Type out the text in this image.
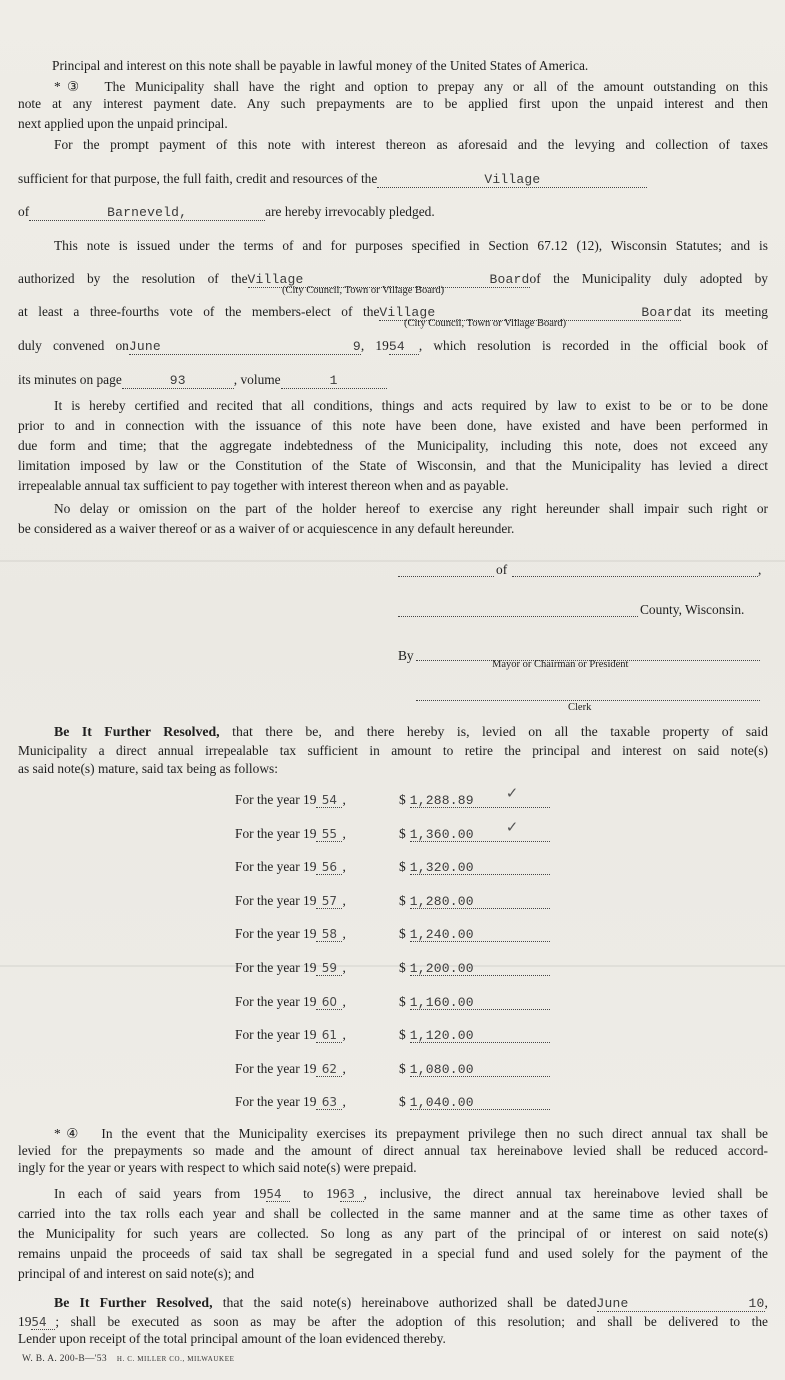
Principal and interest on this note shall be payable in lawful money of the United States of America.
*③ The Municipality shall have the right and option to prepay any or all of the amount outstanding on this
note at any interest payment date. Any such prepayments are to be applied first upon the unpaid interest and then
next applied upon the unpaid principal.
For the prompt payment of this note with interest thereon as aforesaid and the levying and collection of taxes
sufficient for that purpose, the full faith, credit and resources of the	Village
of	Barneveld,	are hereby irrevocably pledged.
This note is issued under the terms of and for purposes specified in Section 67.12 (12), Wisconsin Statutes; and is
authorized by the resolution of theVillage Boardof the Municipality duly adopted by
(City Council, Town or Village Board)
at least a three-fourths vote of the members-elect of theVillage Boardat its meeting
(City Council, Town or Village Board)
duly convened onJune 9, 1954 , which resolution is recorded in the official book of
its minutes on page	93	, volume	1
It is hereby certified and recited that all conditions, things and acts required by law to exist to be or to be done
prior to and in connection with the issuance of this note have been done, have existed and have been performed in
due form and time; that the aggregate indebtedness of the Municipality, including this note, does not exceed any
limitation imposed by law or the Constitution of the State of Wisconsin, and that the Municipality has levied a direct
irrepealable annual tax sufficient to pay together with interest thereon when and as payable.
No delay or omission on the part of the holder hereof to exercise any right hereunder shall impair such right or
be considered as a waiver thereof or as a waiver of or acquiescence in any default hereunder.
of	,
County, Wisconsin.
By
Mayor or Chairman or President
Clerk
Be It Further Resolved, that there be, and there hereby is, levied on all the taxable property of said
Municipality a direct annual irrepealable tax sufficient in amount to retire the principal and interest on said note(s)
as said note(s) mature, said tax being as follows:
For the year 19 54 ,	$ 1,288.89 ✓
For the year 19 55 ,	$ 1,360.00 ✓
For the year 19 56 ,	$ 1,320.00
For the year 19 57 ,	$ 1,280.00
For the year 19 58 ,	$ 1,240.00
For the year 19 59 ,	$ 1,200.00
For the year 19 60 ,	$ 1,160.00
For the year 19 61 ,	$ 1,120.00
For the year 19 62 ,	$ 1,080.00
For the year 19 63 ,	$ 1,040.00
*④ In the event that the Municipality exercises its prepayment privilege then no such direct annual tax shall be
levied for the prepayments so made and the amount of direct annual tax hereinabove levied shall be reduced accord-
ingly for the year or years with respect to which said note(s) were prepaid.
In each of said years from 1954 to 1963 , inclusive, the direct annual tax hereinabove levied shall be
carried into the tax rolls each year and shall be collected in the same manner and at the same time as other taxes of
the Municipality for such years are collected. So long as any part of the principal of or interest on said note(s)
remains unpaid the proceeds of said tax shall be segregated in a special fund and used solely for the payment of the
principal of and interest on said note(s); and
Be It Further Resolved, that the said note(s) hereinabove authorized shall be datedJune 10,
1954 ; shall be executed as soon as may be after the adoption of this resolution; and shall be delivered to the
Lender upon receipt of the total principal amount of the loan evidenced thereby.
W. B. A. 200-B—'53 H. C. MILLER CO., MILWAUKEE
